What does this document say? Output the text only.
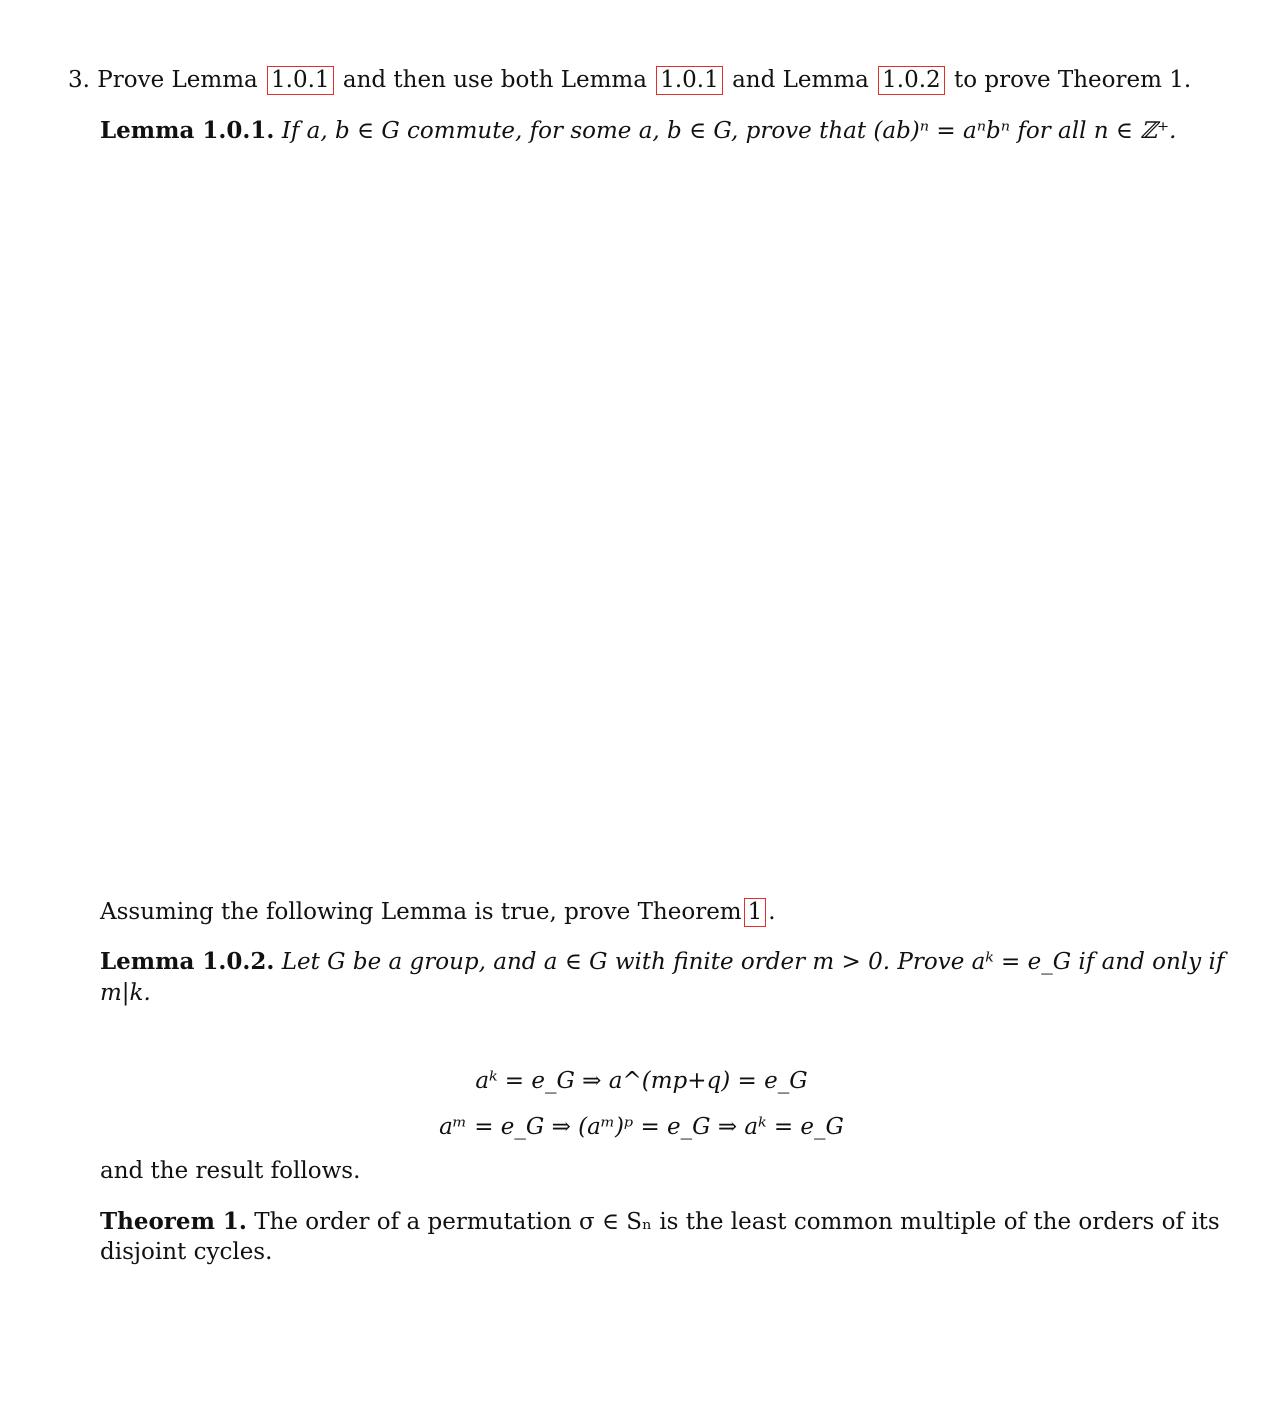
3. Prove Lemma 1.0.1 and then use both Lemma 1.0.1 and Lemma 1.0.2 to prove Theorem 1.
Lemma 1.0.1. If a, b ∈ G commute, for some a, b ∈ G, prove that (ab)ⁿ = aⁿbⁿ for all n ∈ ℤ⁺.
Assuming the following Lemma is true, prove Theorem 1 .
Lemma 1.0.2. Let G be a group, and a ∈ G with finite order m > 0. Prove aᵏ = e_G if and only if
m|k.
aᵏ = e_G ⇒ a^(mp+q) = e_G
aᵐ = e_G ⇒ (aᵐ)ᵖ = e_G ⇒ aᵏ = e_G
and the result follows.
Theorem 1. The order of a permutation σ ∈ Sₙ is the least common multiple of the orders of its
disjoint cycles.
